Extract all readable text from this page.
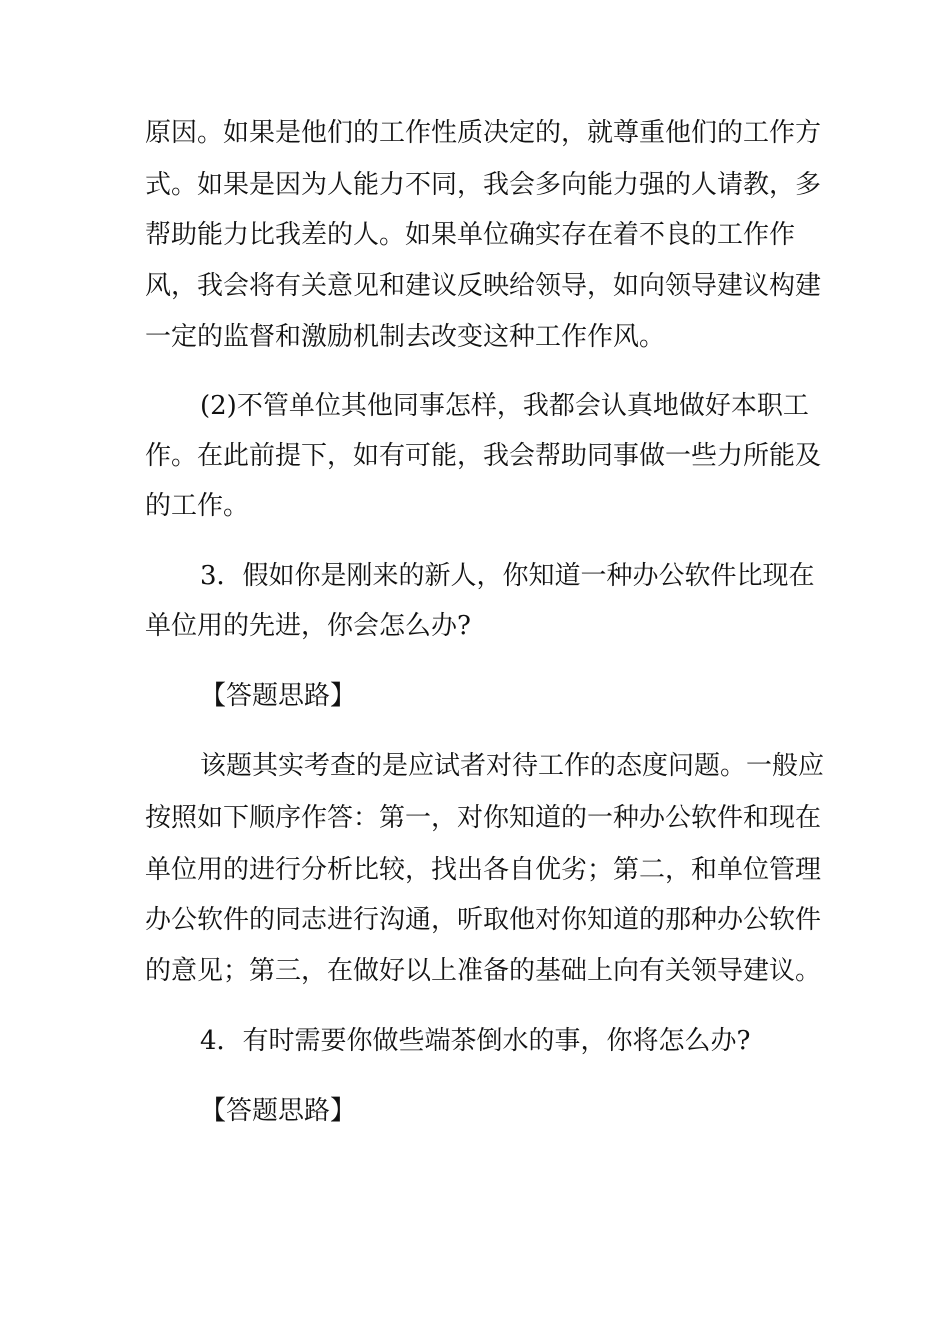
原因。如果是他们的工作性质决定的，就尊重他们的工作方
式。如果是因为人能力不同，我会多向能力强的人请教，多
帮助能力比我差的人。如果单位确实存在着不良的工作作
风，我会将有关意见和建议反映给领导，如向领导建议构建
一定的监督和激励机制去改变这种工作作风。
(2)不管单位其他同事怎样，我都会认真地做好本职工
作。在此前提下，如有可能，我会帮助同事做一些力所能及
的工作。
3．假如你是刚来的新人，你知道一种办公软件比现在
单位用的先进，你会怎么办?
【答题思路】
该题其实考查的是应试者对待工作的态度问题。一般应
按照如下顺序作答：第一，对你知道的一种办公软件和现在
单位用的进行分析比较，找出各自优劣；第二，和单位管理
办公软件的同志进行沟通，听取他对你知道的那种办公软件
的意见；第三，在做好以上准备的基础上向有关领导建议。
4．有时需要你做些端茶倒水的事，你将怎么办?
【答题思路】
